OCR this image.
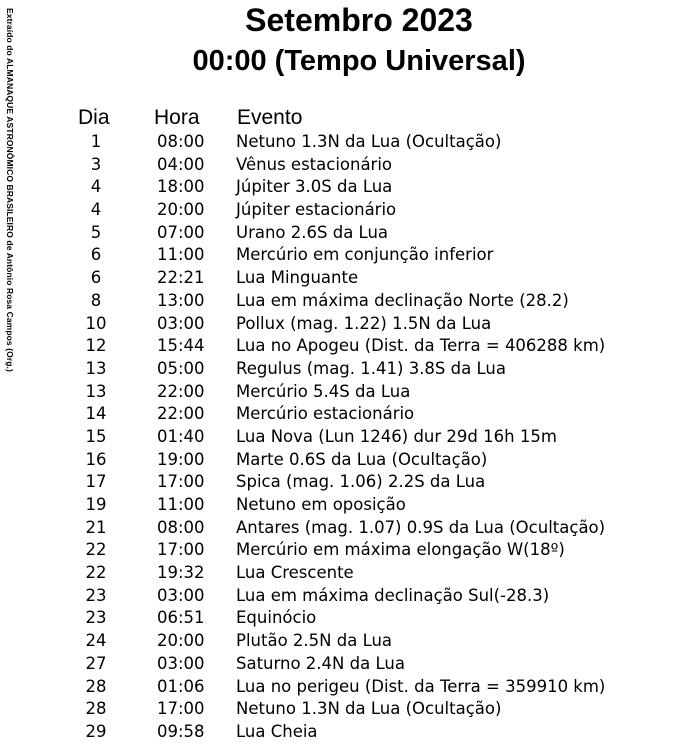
Extraído do ALMANAQUE ASTRONÔMICO BRASILEIRO de Antônio Rosa Campos (Org.)	Setembro 2023
00:00 (Tempo Universal)
Dia Hora Evento
1	08:00 Netuno 1.3N da Lua (Ocultação)
3	04:00 Vênus estacionário
4	18:00 Júpiter 3.0S da Lua
4	20:00 Júpiter estacionário
5	07:00 Urano 2.6S da Lua
6	11:00 Mercúrio em conjunção inferior
6	22:21 Lua Minguante
8	13:00 Lua em máxima declinação Norte (28.2)
10	03:00 Pollux (mag. 1.22) 1.5N da Lua
12	15:44 Lua no Apogeu (Dist. da Terra = 406288 km)
13	05:00 Regulus (mag. 1.41) 3.8S da Lua
13	22:00 Mercúrio 5.4S da Lua
14	22:00 Mercúrio estacionário
15	01:40 Lua Nova (Lun 1246) dur 29d 16h 15m
16	19:00 Marte 0.6S da Lua (Ocultação)
17	17:00 Spica (mag. 1.06) 2.2S da Lua
19	11:00 Netuno em oposição
21	08:00 Antares (mag. 1.07) 0.9S da Lua (Ocultação)
22	17:00 Mercúrio em máxima elongação W(18º)
22	19:32 Lua Crescente
23	03:00 Lua em máxima declinação Sul(-28.3)
23	06:51 Equinócio
24	20:00 Plutão 2.5N da Lua
27	03:00 Saturno 2.4N da Lua
28	01:06 Lua no perigeu (Dist. da Terra = 359910 km)
28	17:00 Netuno 1.3N da Lua (Ocultação)
29	09:58 Lua Cheia
